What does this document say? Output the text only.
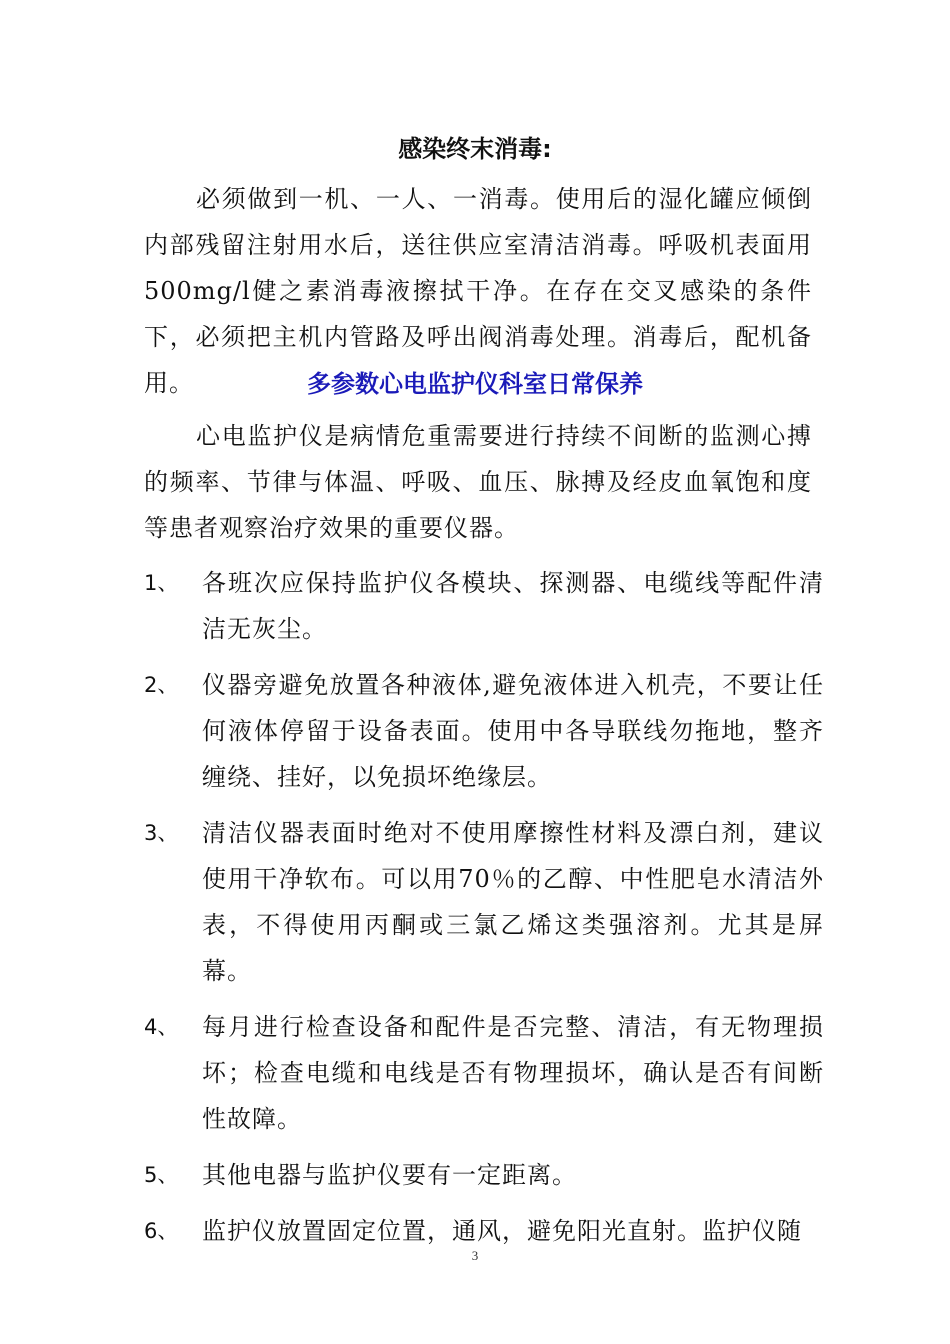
感染终末消毒:
必须做到一机、一人、一消毒。使用后的湿化罐应倾倒内部残留注射用水后，送往供应室清洁消毒。呼吸机表面用500mg/l健之素消毒液擦拭干净。在存在交叉感染的条件下，必须把主机内管路及呼出阀消毒处理。消毒后，配机备用。	多参数心电监护仪科室日常保养
心电监护仪是病情危重需要进行持续不间断的监测心搏的频率、节律与体温、呼吸、血压、脉搏及经皮血氧饱和度等患者观察治疗效果的重要仪器。
1、 各班次应保持监护仪各模块、探测器、电缆线等配件清洁无灰尘。
2、 仪器旁避免放置各种液体,避免液体进入机壳，不要让任何液体停留于设备表面。使用中各导联线勿拖地，整齐缠绕、挂好，以免损坏绝缘层。
3、 清洁仪器表面时绝对不使用摩擦性材料及漂白剂，建议使用干净软布。可以用70％的乙醇、中性肥皂水清洁外表，不得使用丙酮或三氯乙烯这类强溶剂。尤其是屏幕。
4、 每月进行检查设备和配件是否完整、清洁，有无物理损坏；检查电缆和电线是否有物理损坏，确认是否有间断性故障。
5、 其他电器与监护仪要有一定距离。
6、 监护仪放置固定位置，通风，避免阳光直射。监护仪随
3
